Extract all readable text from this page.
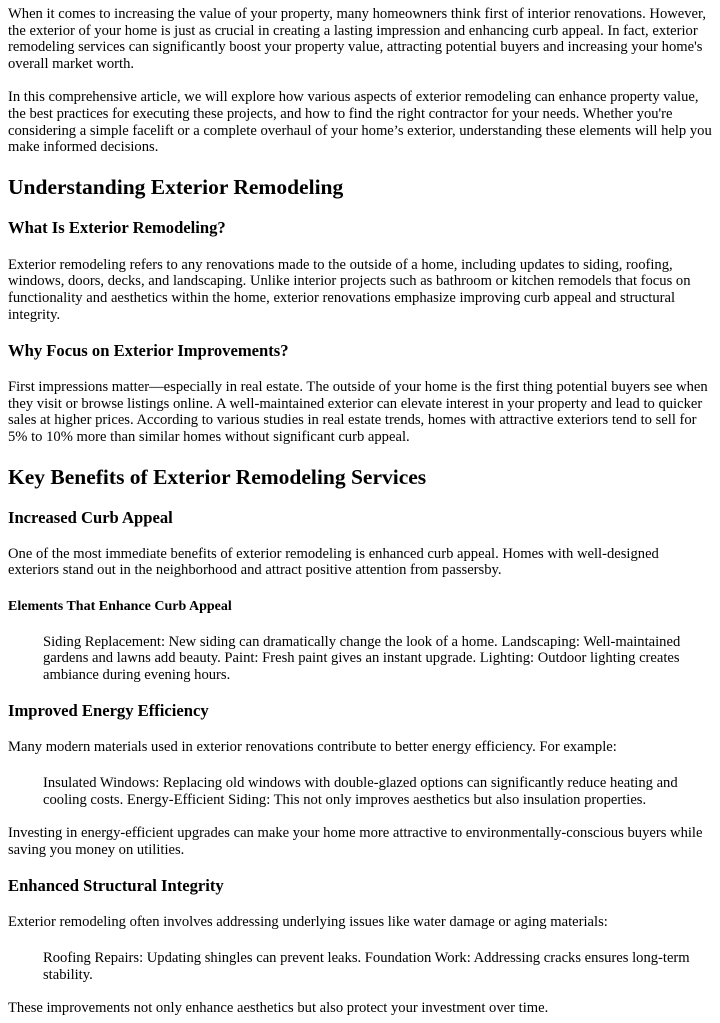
When it comes to increasing the value of your property, many homeowners think first of interior renovations. However, the exterior of your home is just as crucial in creating a lasting impression and enhancing curb appeal. In fact, exterior remodeling services can significantly boost your property value, attracting potential buyers and increasing your home's overall market worth.

In this comprehensive article, we will explore how various aspects of exterior remodeling can enhance property value, the best practices for executing these projects, and how to find the right contractor for your needs. Whether you're considering a simple facelift or a complete overhaul of your home’s exterior, understanding these elements will help you make informed decisions.

Understanding Exterior Remodeling
What Is Exterior Remodeling?

Exterior remodeling refers to any renovations made to the outside of a home, including updates to siding, roofing, windows, doors, decks, and landscaping. Unlike interior projects such as bathroom or kitchen remodels that focus on functionality and aesthetics within the home, exterior renovations emphasize improving curb appeal and structural integrity.

Why Focus on Exterior Improvements?

First impressions matter—especially in real estate. The outside of your home is the first thing potential buyers see when they visit or browse listings online. A well-maintained exterior can elevate interest in your property and lead to quicker sales at higher prices. According to various studies in real estate trends, homes with attractive exteriors tend to sell for 5% to 10% more than similar homes without significant curb appeal.

Key Benefits of Exterior Remodeling Services
Increased Curb Appeal

One of the most immediate benefits of exterior remodeling is enhanced curb appeal. Homes with well-designed exteriors stand out in the neighborhood and attract positive attention from passersby.

Elements That Enhance Curb Appeal

Siding Replacement: New siding can dramatically change the look of a home. Landscaping: Well-maintained gardens and lawns add beauty. Paint: Fresh paint gives an instant upgrade. Lighting: Outdoor lighting creates ambiance during evening hours.

Improved Energy Efficiency

Many modern materials used in exterior renovations contribute to better energy efficiency. For example:

Insulated Windows: Replacing old windows with double-glazed options can significantly reduce heating and cooling costs. Energy-Efficient Siding: This not only improves aesthetics but also insulation properties.

Investing in energy-efficient upgrades can make your home more attractive to environmentally-conscious buyers while saving you money on utilities.

Enhanced Structural Integrity

Exterior remodeling often involves addressing underlying issues like water damage or aging materials:

Roofing Repairs: Updating shingles can prevent leaks. Foundation Work: Addressing cracks ensures long-term stability.

These improvements not only enhance aesthetics but also protect your investment over time.
